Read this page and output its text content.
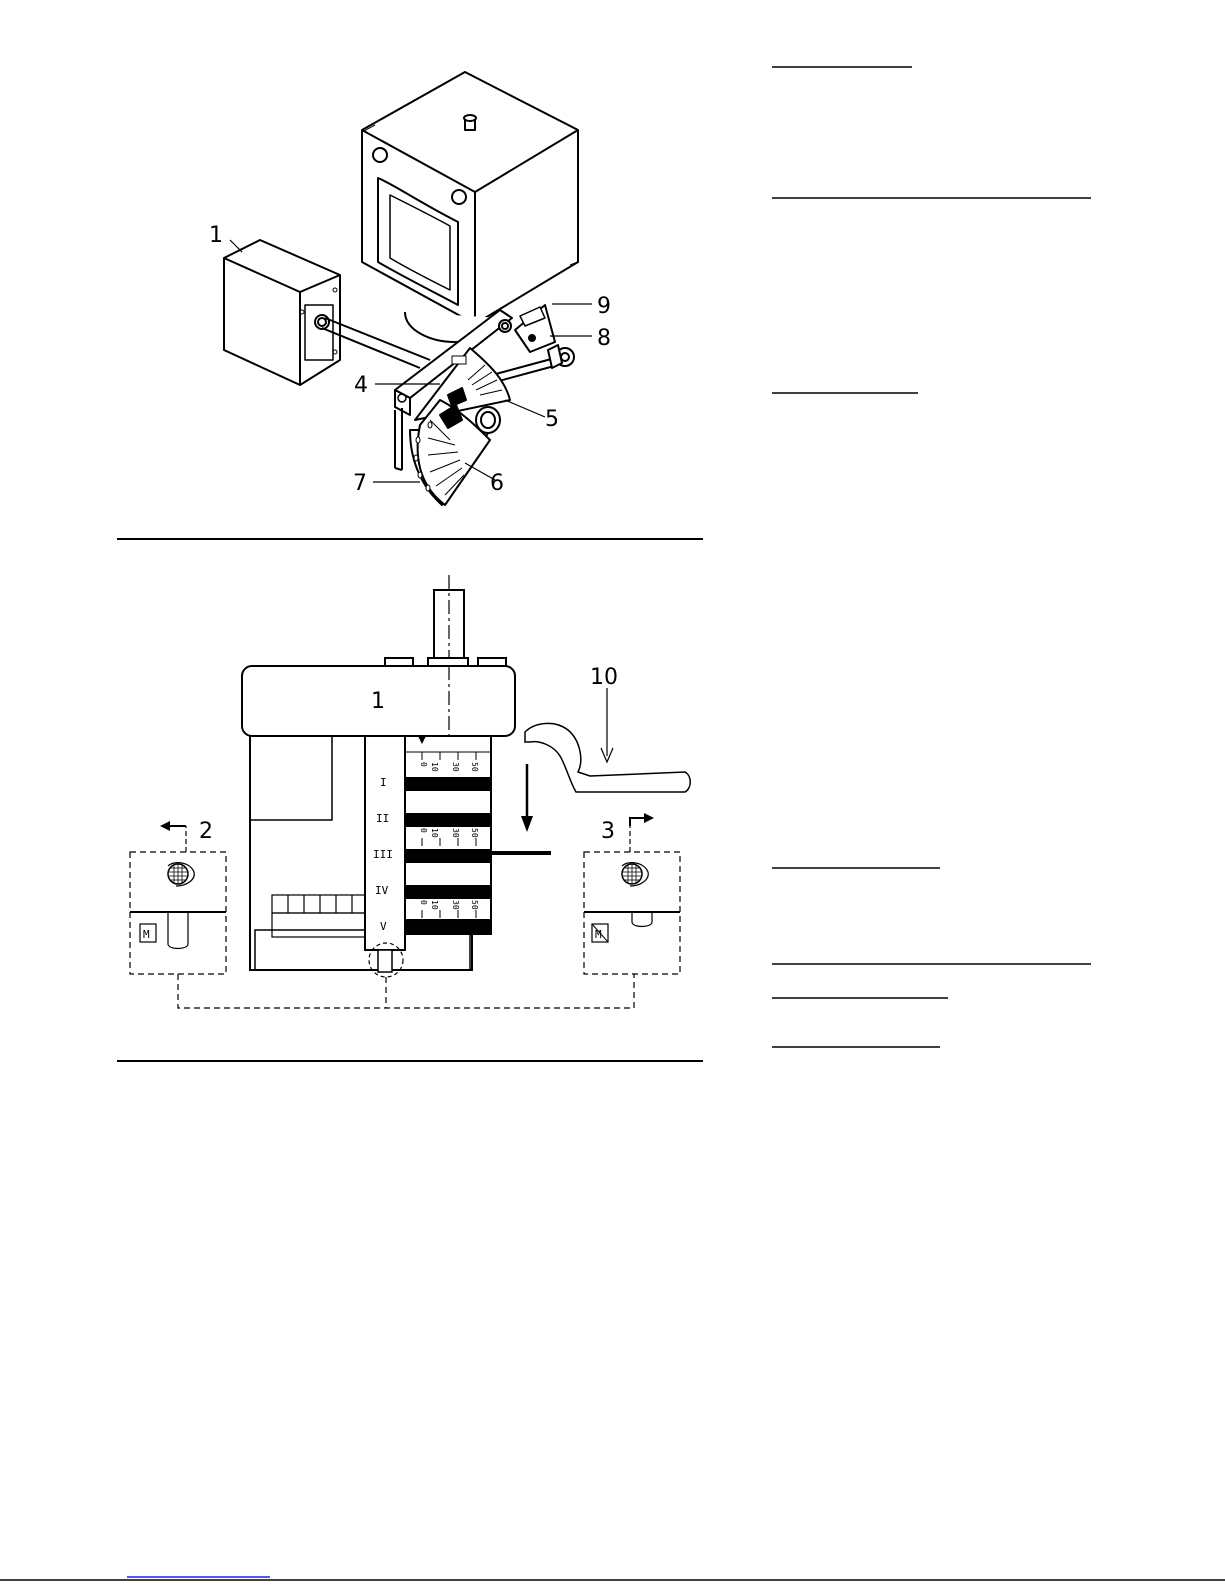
1
4
5
6
7
8
9
1
I
II
III
IV
V
0 10 30 50
0 10 30 50
0 10 30 50
10
M
2
M
3
